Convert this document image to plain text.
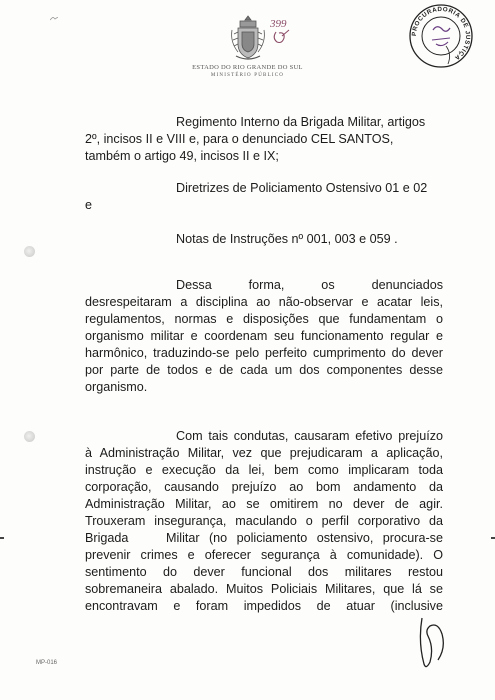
399
ESTADO DO RIO GRANDE DO SUL
MINISTÉRIO PÚBLICO
PROCURADORIA DE JUSTIÇA
Regimento Interno da Brigada Militar, artigos
2º, incisos II e VIII e, para o denunciado CEL SANTOS,
também o artigo 49, incisos II e IX;
Diretrizes de Policiamento Ostensivo 01 e 02
e
Notas de Instruções nº 001, 003 e 059 .
Dessa       forma,       os       denunciados
desrespeitaram a disciplina ao não-observar e acatar leis,
regulamentos, normas e disposições que fundamentam o
organismo militar e coordenam seu funcionamento regular e
harmônico, traduzindo-se pelo perfeito cumprimento do dever
por parte de todos e de cada um dos componentes desse
organismo.
Com tais condutas, causaram efetivo prejuízo
à Administração Militar, vez que prejudicaram a aplicação,
instrução e execução da lei, bem como implicaram toda
corporação, causando prejuízo ao bom andamento da
Administração Militar, ao se omitirem no dever de agir.
Trouxeram insegurança, maculando o perfil corporativo da
Brigada    Militar (no policiamento ostensivo, procura-se
prevenir crimes e oferecer segurança à comunidade). O
sentimento do dever funcional dos militares restou
sobremaneira abalado. Muitos Policiais Militares, que lá se
encontravam e foram impedidos de atuar (inclusive
MP-016
